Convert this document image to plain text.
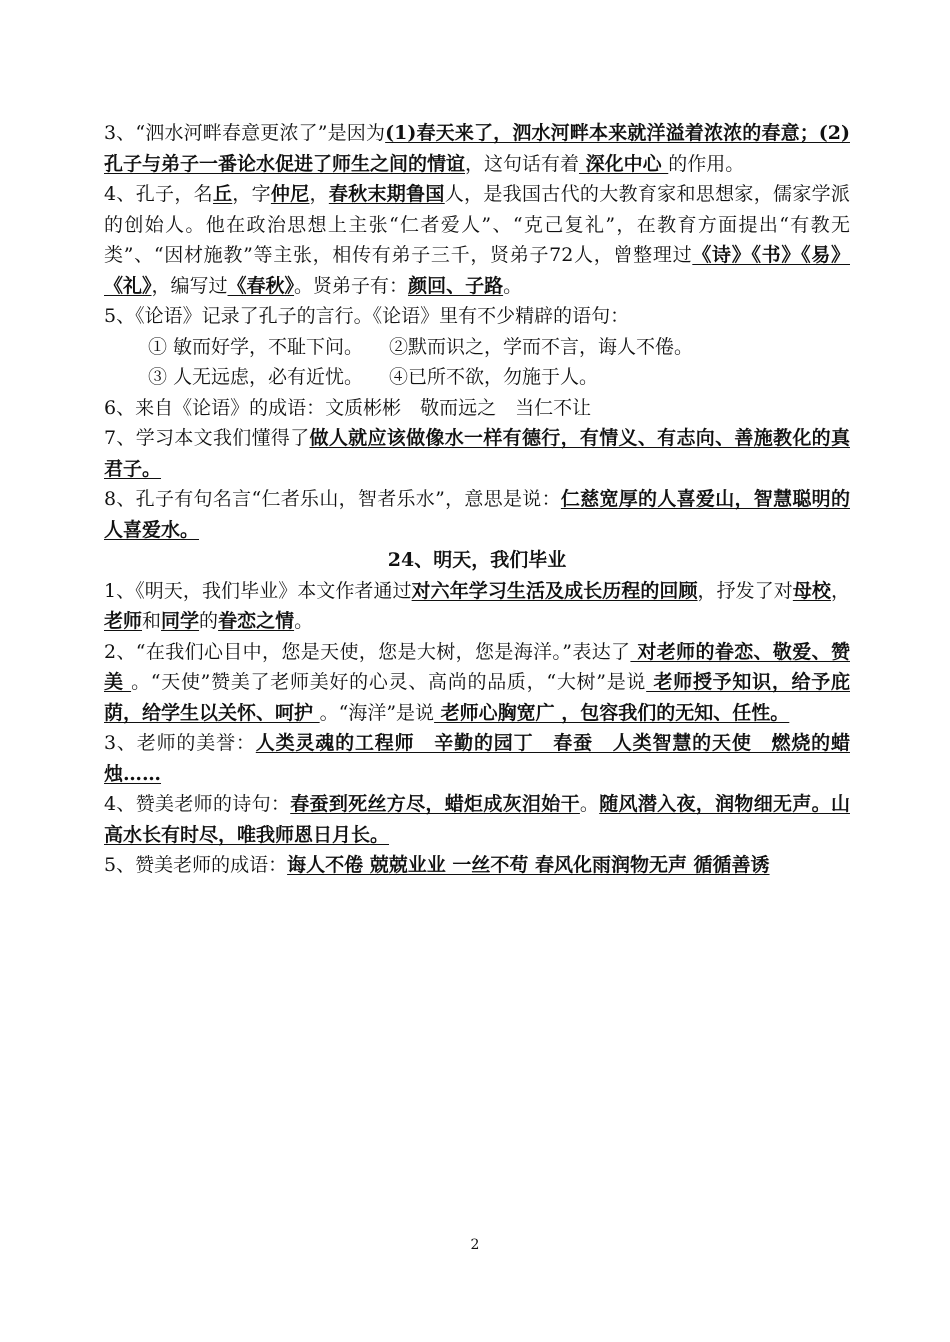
3、“泗水河畔春意更浓了”是因为(1)春天来了，泗水河畔本来就洋溢着浓浓的春意；(2)孔子与弟子一番论水促进了师生之间的情谊，这句话有着 深化中心 的作用。

4、孔子，名丘，字仲尼，春秋末期鲁国人，是我国古代的大教育家和思想家，儒家学派的创始人。他在政治思想上主张“仁者爱人”、“克己复礼”，在教育方面提出“有教无类”、“因材施教”等主张，相传有弟子三千，贤弟子72人，曾整理过《诗》《书》《易》《礼》，编写过《春秋》。贤弟子有：颜回、子路。

5、《论语》记录了孔子的言行。《论语》里有不少精辟的语句：

① 敏而好学，不耻下问。 ②默而识之，学而不言，诲人不倦。

③ 人无远虑，必有近忧。 ④已所不欲，勿施于人。

6、来自《论语》的成语：文质彬彬　敬而远之　当仁不让

7、学习本文我们懂得了做人就应该做像水一样有德行，有情义、有志向、善施教化的真君子。

8、孔子有句名言“仁者乐山，智者乐水”，意思是说：仁慈宽厚的人喜爱山，智慧聪明的人喜爱水。

24、明天，我们毕业

1、《明天，我们毕业》本文作者通过对六年学习生活及成长历程的回顾，抒发了对母校，老师和同学的眷恋之情。

2、“在我们心目中，您是天使，您是大树，您是海洋。”表达了 对老师的眷恋、敬爱、赞美 。“天使”赞美了老师美好的心灵、高尚的品质，“大树”是说 老师授予知识，给予庇荫，给学生以关怀、呵护 。“海洋”是说 老师心胸宽广 ，包容我们的无知、任性。

3、老师的美誉：人类灵魂的工程师　辛勤的园丁　春蚕　人类智慧的天使　燃烧的蜡烛……

4、赞美老师的诗句：春蚕到死丝方尽，蜡炬成灰泪始干。随风潜入夜，润物细无声。山高水长有时尽，唯我师恩日月长。

5、赞美老师的成语：诲人不倦 兢兢业业 一丝不苟 春风化雨润物无声 循循善诱

2
